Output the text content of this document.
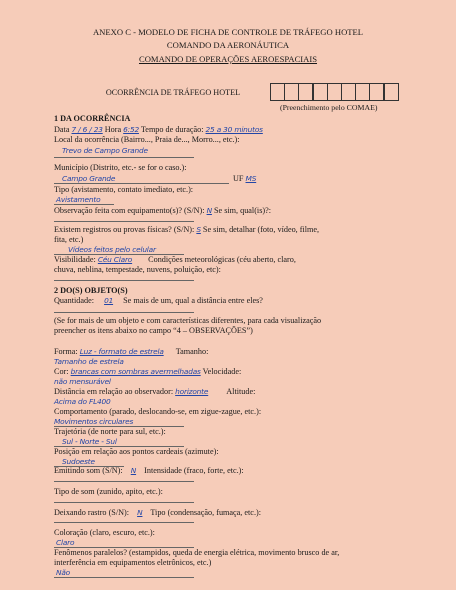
ANEXO C - MODELO DE FICHA DE CONTROLE DE TRÁFEGO HOTEL
COMANDO DA AERONÁUTICA
COMANDO DE OPERAÇÕES AEROESPACIAIS
OCORRÊNCIA DE TRÁFEGO HOTEL
(Preenchimento pelo COMAE)
1 DA OCORRÊNCIA
Data 7 / 6 / 23 Hora 6:52 Tempo de duração: 25 a 30 minutos
Local da ocorrência (Bairro..., Praia de..., Morro..., etc.):
Trevo de Campo Grande
Município (Distrito, etc.- se for o caso.):
Campo Grande	UF MS
Tipo (avistamento, contato imediato, etc.):
Avistamento
Observação feita com equipamento(s)? (S/N): N Se sim, qual(is)?:
Existem registros ou provas físicas? (S/N): S Se sim, detalhar (foto, vídeo, filme,
fita, etc.)
Vídeos feitos pelo celular
Visibilidade: Céu Claro Condições meteorológicas (céu aberto, claro,
chuva, neblina, tempestade, nuvens, poluição, etc):
2 DO(S) OBJETO(S)
Quantidade: 01 Se mais de um, qual a distância entre eles?
(Se for mais de um objeto e com características diferentes, para cada visualização
preencher os itens abaixo no campo “4 – OBSERVAÇÕES”)
Forma: Luz - formato de estrela Tamanho:
Tamanho de estrela
Cor: brancas com sombras avermelhadas Velocidade:
não mensurável
Distância em relação ao observador: horizonte Altitude:
Acima do FL400
Comportamento (parado, deslocando-se, em zigue-zague, etc.):
Movimentos circulares
Trajetória (de norte para sul, etc.):
Sul - Norte - Sul
Posição em relação aos pontos cardeais (azimute):
Sudoeste
Emitindo som (S/N): N Intensidade (fraco, forte, etc.):
Tipo de som (zunido, apito, etc.):
Deixando rastro (S/N): N Tipo (condensação, fumaça, etc.):
Coloração (claro, escuro, etc.):
Claro
Fenômenos paralelos? (estampidos, queda de energia elétrica, movimento brusco de ar,
interferência em equipamentos eletrônicos, etc.)
Não
